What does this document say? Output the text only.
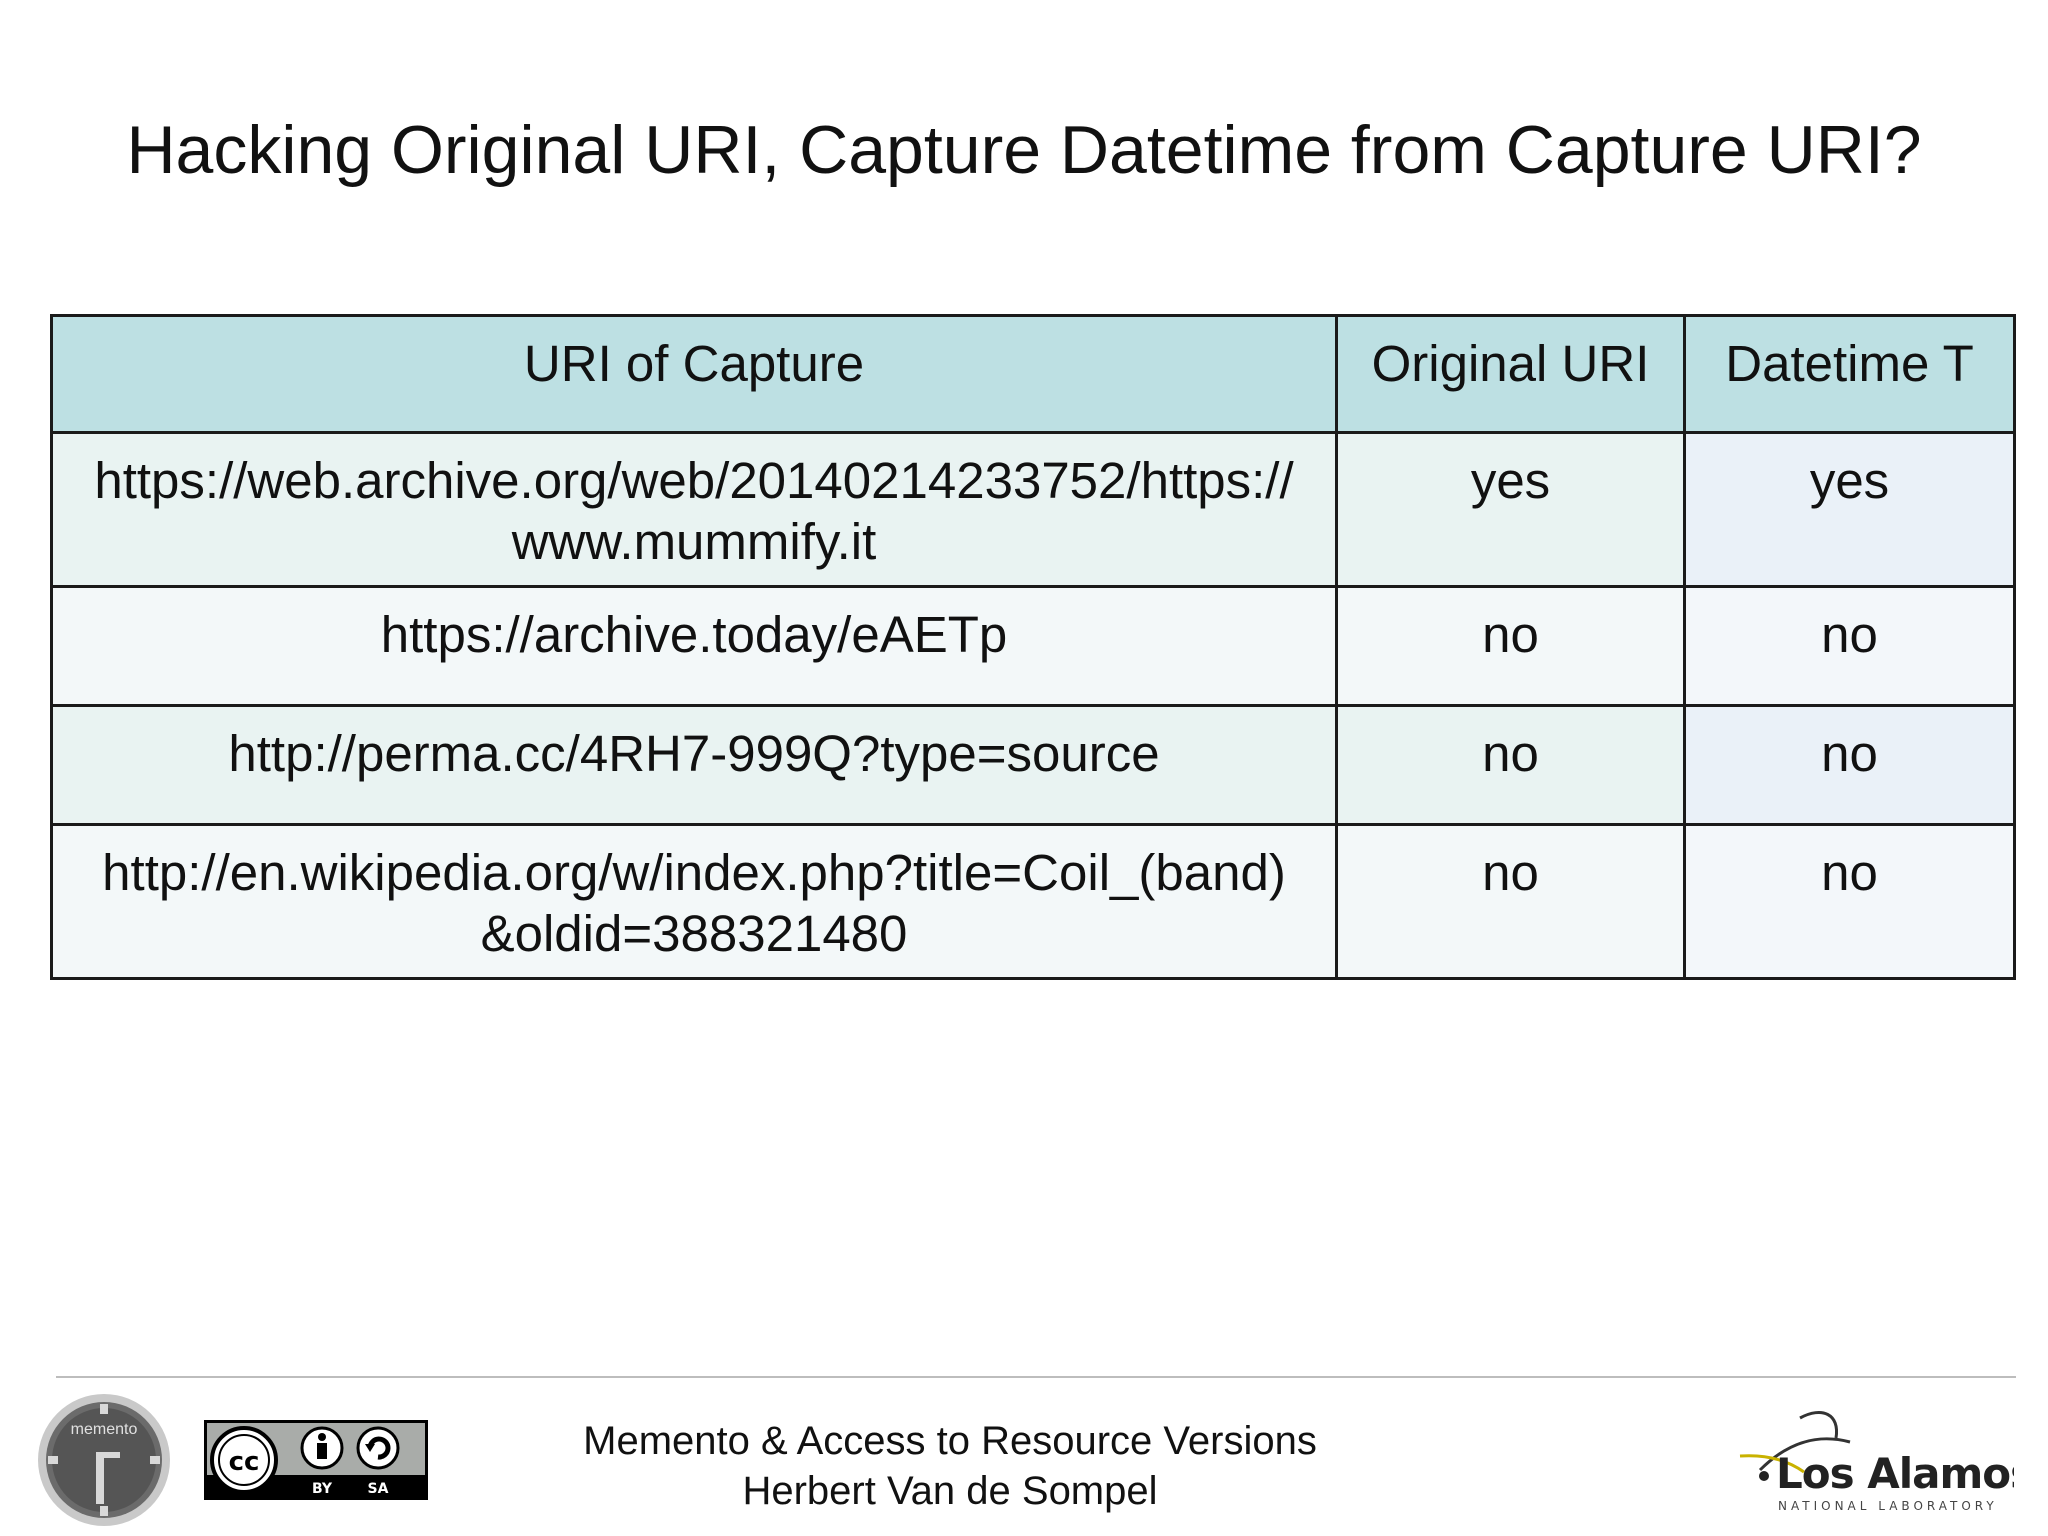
Hacking Original URI, Capture Datetime from Capture URI?
URI of Capture	Original URI	Datetime T

https://web.archive.org/web/20140214233752/https://
www.mummify.it	yes	yes

https://archive.today/eAETp	no	no

http://perma.cc/4RH7-999Q?type=source	no	no

http://en.wikipedia.org/w/index.php?title=Coil_(band)
&oldid=388321480	no	no
memento
cc
BY	SA
Memento & Access to Resource Versions
Herbert Van de Sompel	Los Alamos
NATIONAL LABORATORY
